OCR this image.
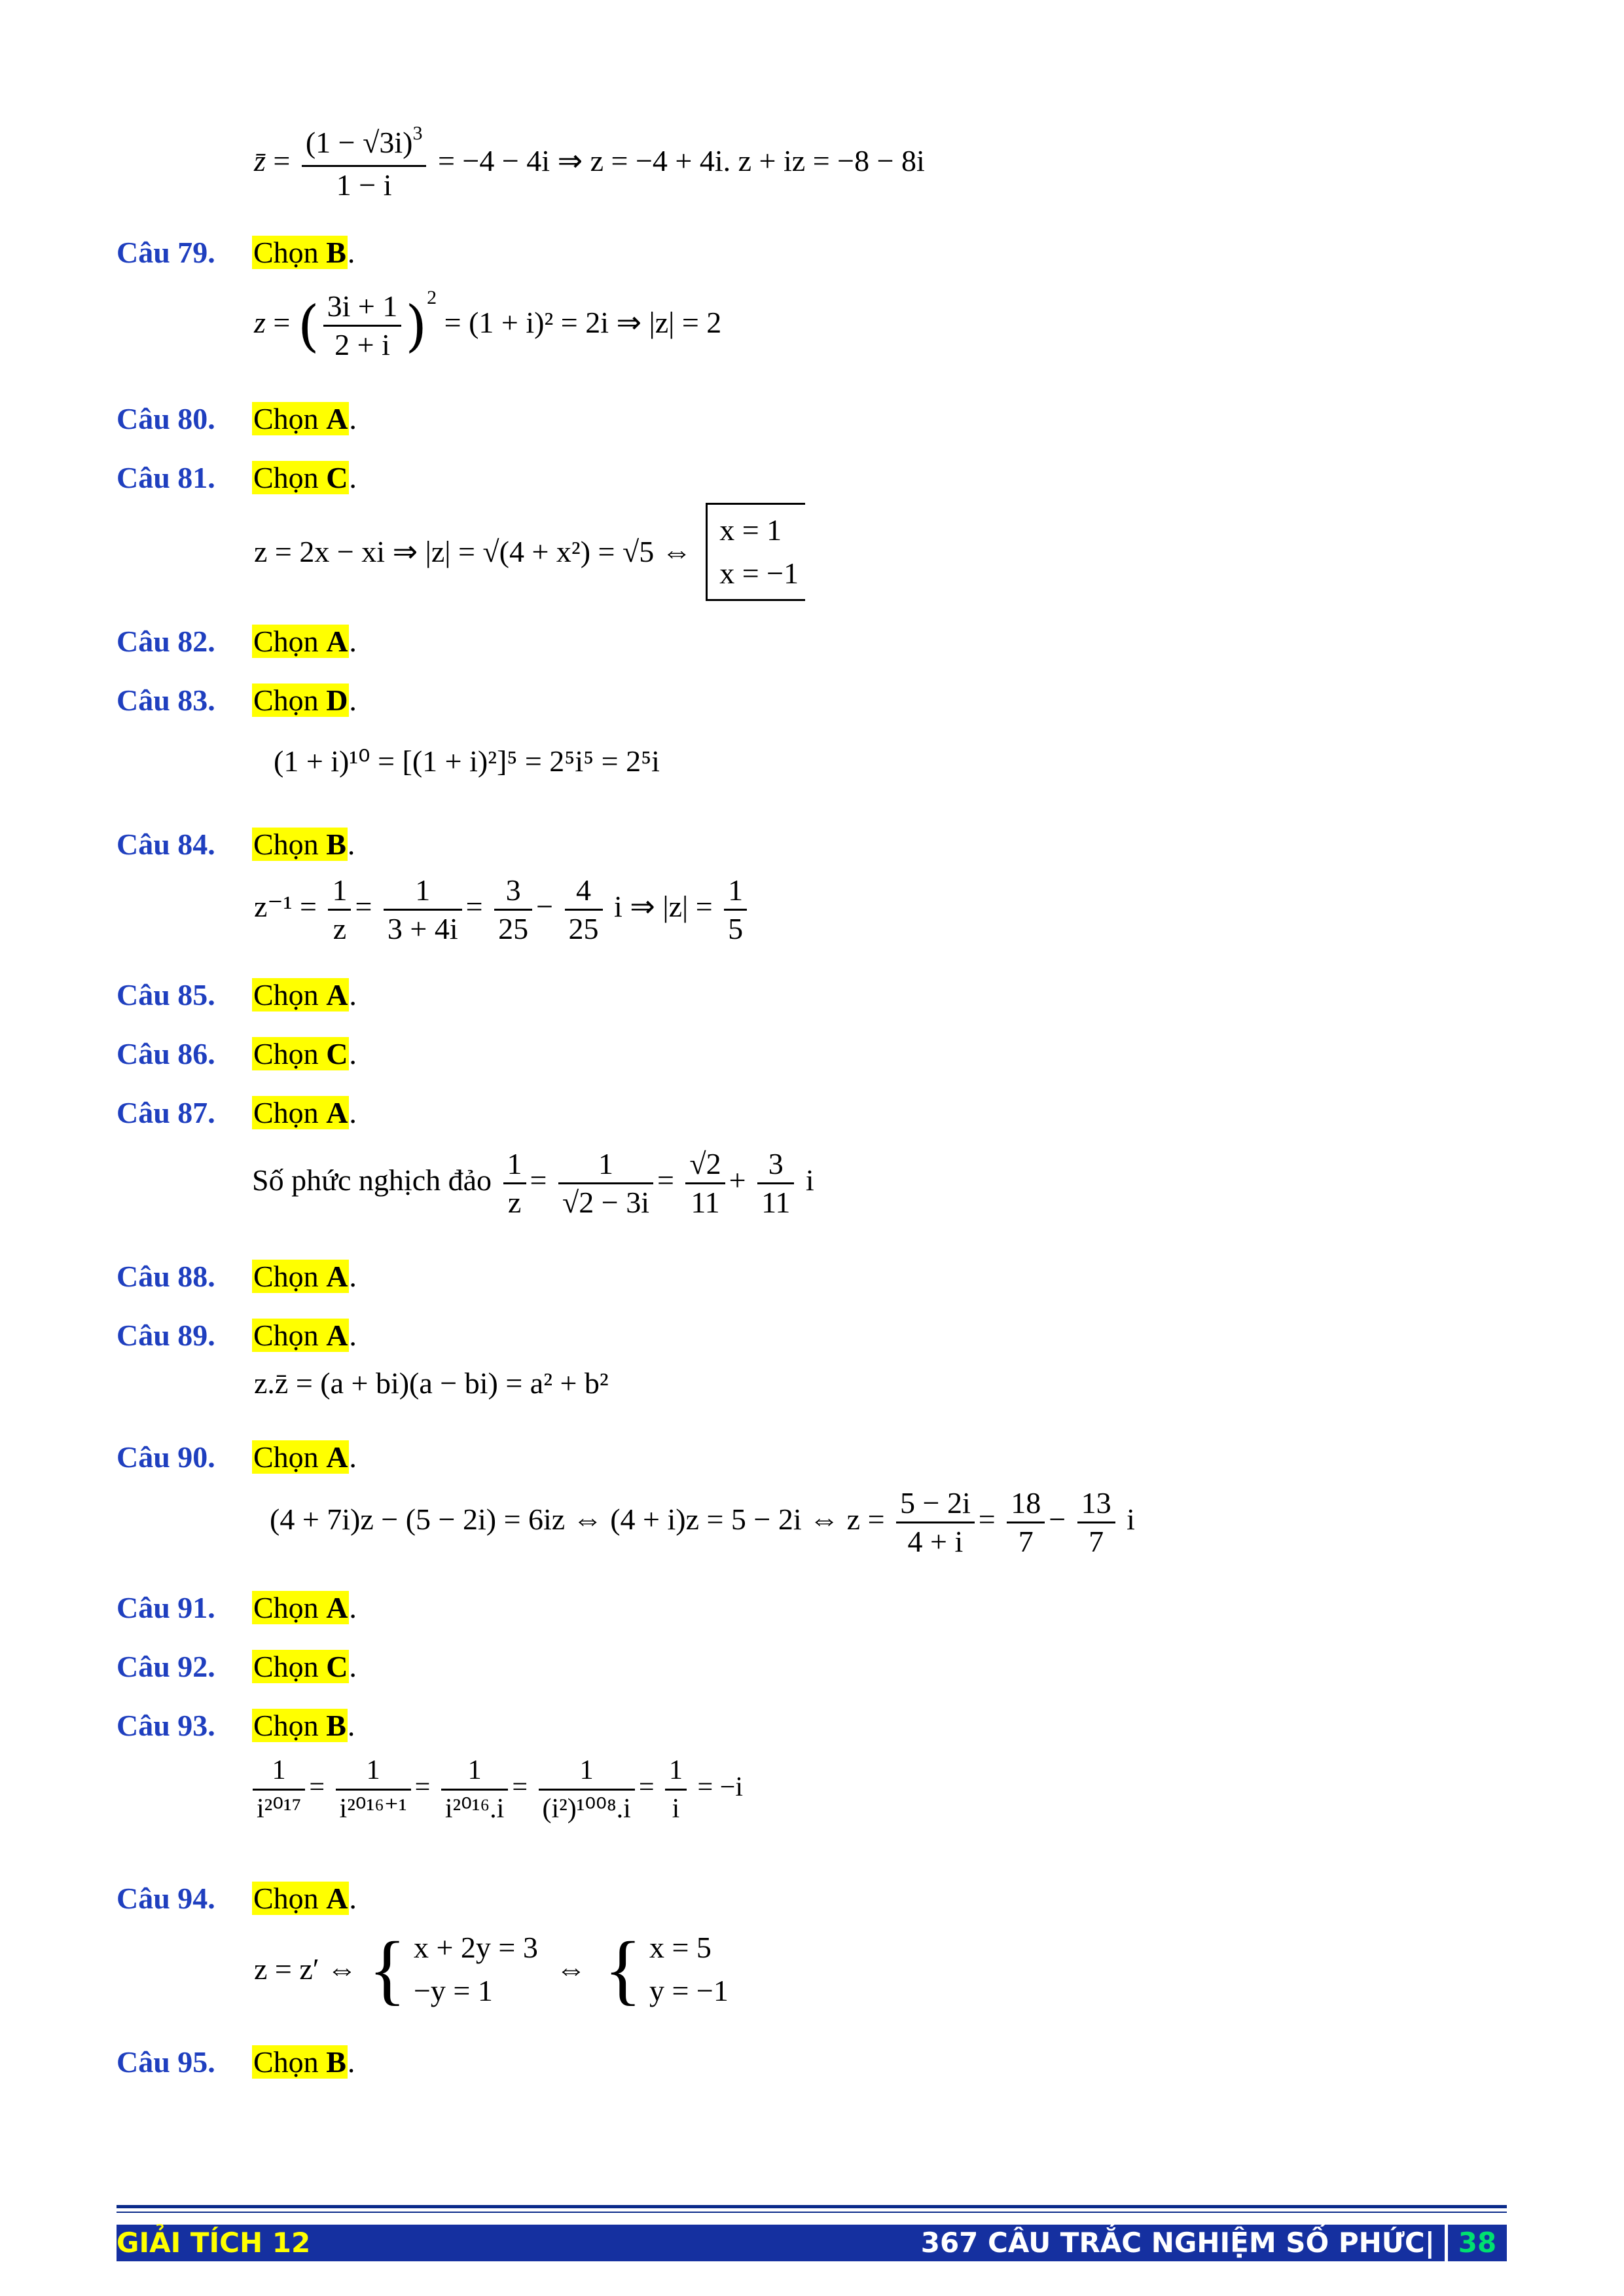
z̄ = $\frac{(1 - √3i)^3}{1 - i} = -4 - 4i$ ⇒ z = −4 + 4i. z + iz = −8 − 8i
Câu 79. Chọn B.
z = ( $\frac{3i + 1}{2 + i} )^2 = (1 + i)^2 = 2i$ ⇒ |z| = 2
Câu 80. Chọn A.
Câu 81. Chọn C.
z = 2x − xi ⇒ |z| = √(4 + x²) = √5 ⇔
x = 1
x = −1
Câu 82. Chọn A.
Câu 83. Chọn D.
(1 + i)¹⁰ = [(1 + i)²]⁵ = 2⁵i⁵ = 2⁵i
Câu 84. Chọn B.
$z^{-1} = \frac{1}{z} = \frac{1}{3 + 4i} = \frac{3}{25} - \frac{4}{25}$ i ⇒ $|z| = \frac{1}{5}$
Câu 85. Chọn A.
Câu 86. Chọn C.
Câu 87. Chọn A.
Số phức nghịch đảo $\frac{1}{z} = \frac{1}{√2 - 3i} = \frac{√2}{11} + \frac{3}{11}$ i
Câu 88. Chọn A.
Câu 89. Chọn A.
z.z̄ = (a + bi)(a − bi) = a² + b²
Câu 90. Chọn A.
(4 + 7i)z − (5 − 2i) = 6iz ⇔ (4 + i)z = 5 − 2i ⇔ $z = \frac{5 - 2i}{4 + i} = \frac{18}{7} - \frac{13}{7}$ i
Câu 91. Chọn A.
Câu 92. Chọn C.
Câu 93. Chọn B.
$\frac{1}{\text{i²⁰¹⁷}} = \frac{1}{\text{i²⁰¹⁶⁺¹}} = \frac{1}{\text{i²⁰¹⁶.i}} = \frac{1}{\text{(i²)¹⁰⁰⁸.i}} = \frac{1}{i} = -i$
Câu 94. Chọn A.
z = z′ ⇔ { x + 2y = 3
−y = 1
⇔ { x = 5
y = −1
Câu 95. Chọn B.
GIẢI TÍCH 12	367 CÂU TRẮC NGHIỆM SỐ PHỨC| 38
